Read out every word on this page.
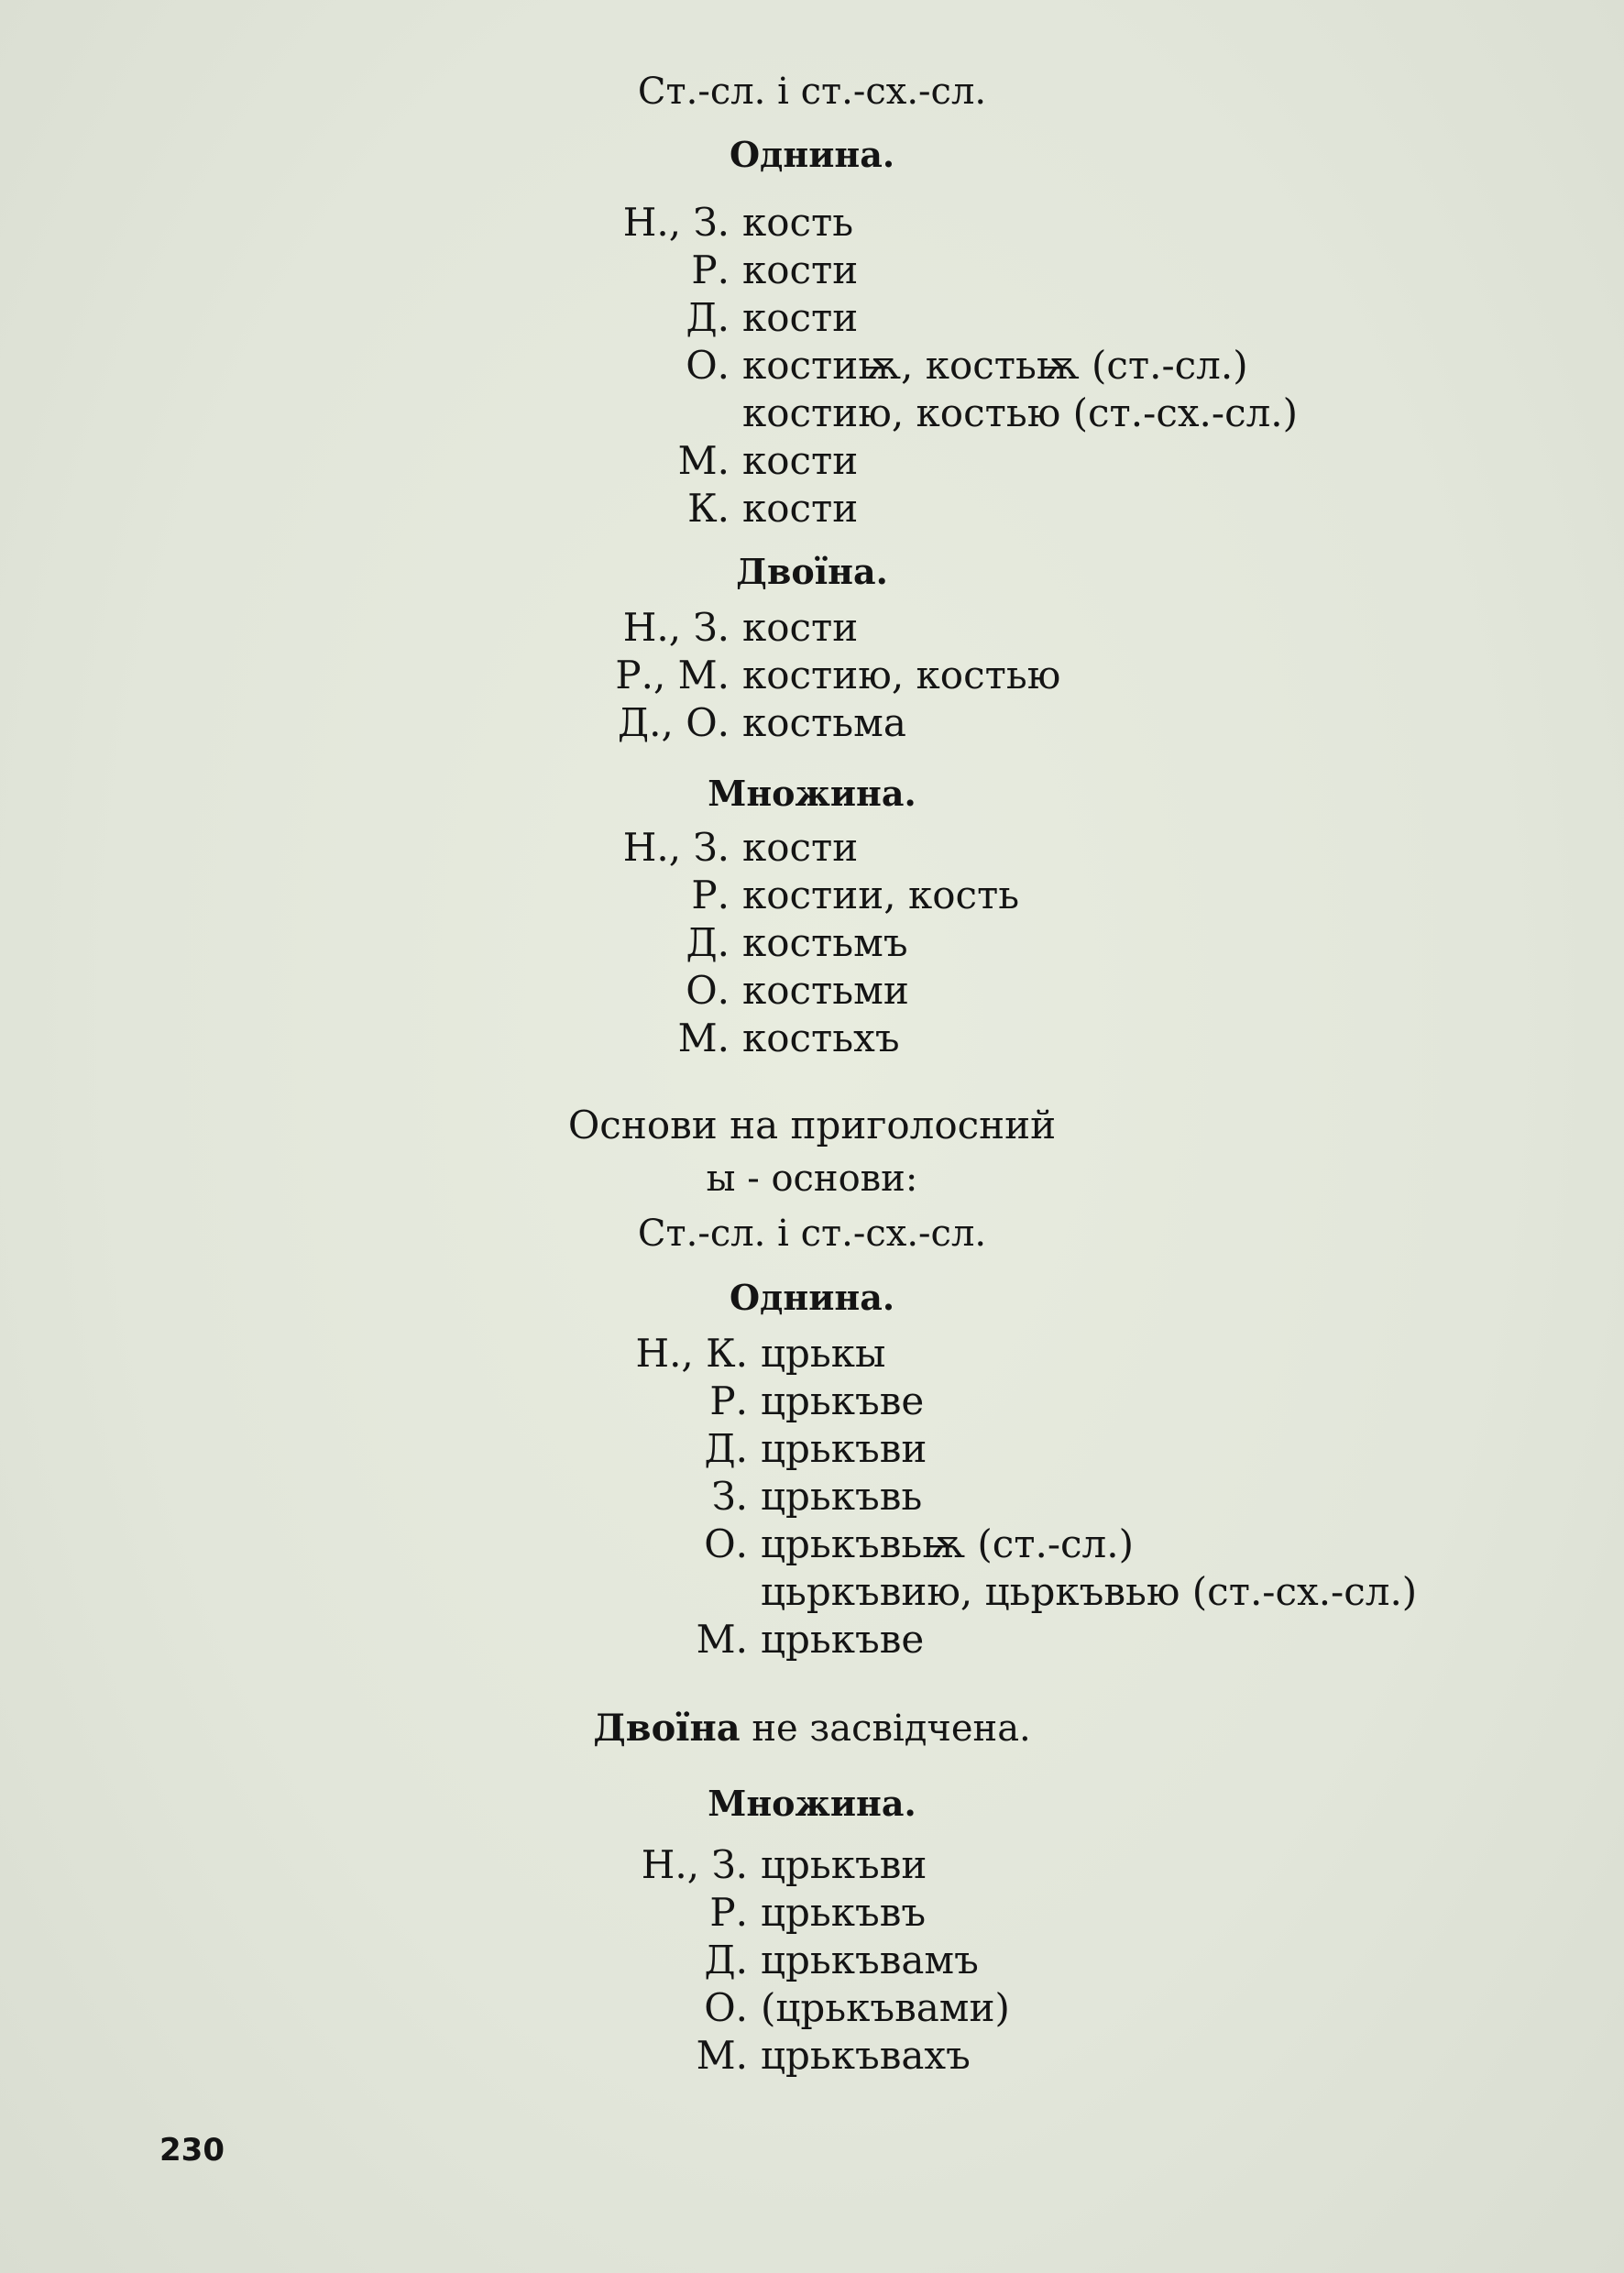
Ст.-сл. і ст.-сх.-сл.
Однина.
Н., З. кость
Р. кости
Д. кости
О. костиѭ, костьѭ (ст.-сл.)
костию, костью (ст.-сх.-сл.)
М. кости
К. кости
Двоїна.
Н., З. кости
Р., М. костию, костью
Д., О. костьма
Множина.
Н., З. кости
Р. костии, кость
Д. костьмъ
О. костьми
М. костьхъ
Основи на приголосний
ы - основи:
Ст.-сл. і ст.-сх.-сл.
Однина.
Н., К. црькы
Р. црькъве
Д. црькъви
З. црькъвь
О. црькъвьѭ (ст.-сл.)
цьркъвию, цьркъвью (ст.-сх.-сл.)
М. црькъве
Двоїна не засвідчена.
Множина.
Н., З. црькъви
Р. црькъвъ
Д. црькъвамъ
О. (црькъвами)
М. црькъвахъ
230
